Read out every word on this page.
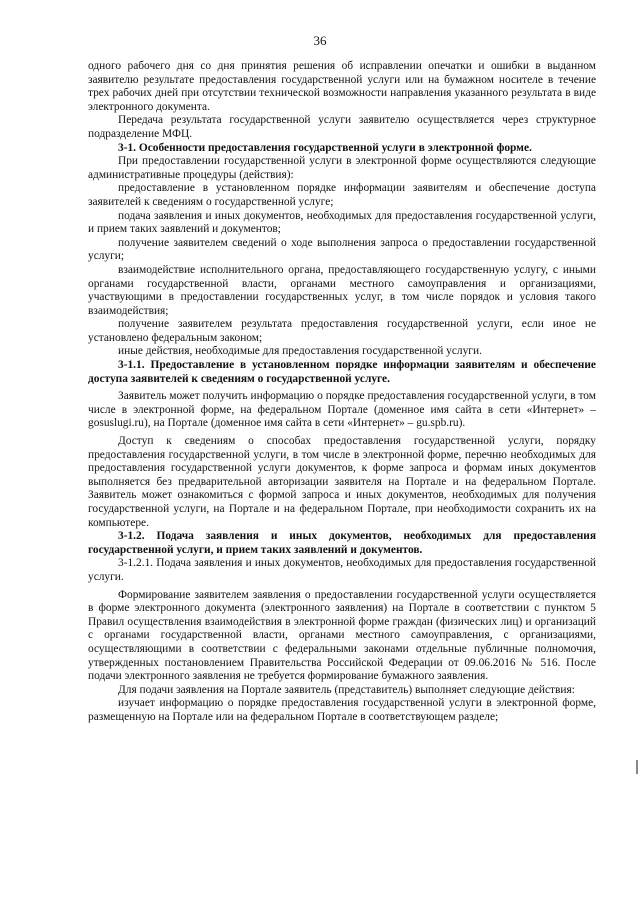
36

одного рабочего дня со дня принятия решения об исправлении опечатки и ошибки в выданном заявителю результате предоставления государственной услуги или на бумажном носителе в течение трех рабочих дней при отсутствии технической возможности направления указанного результата в виде электронного документа.

Передача результата государственной услуги заявителю осуществляется через структурное подразделение МФЦ.

3-1. Особенности предоставления государственной услуги в электронной форме.

При предоставлении государственной услуги в электронной форме осуществляются следующие административные процедуры (действия):

предоставление в установленном порядке информации заявителям и обеспечение доступа заявителей к сведениям о государственной услуге;

подача заявления и иных документов, необходимых для предоставления государственной услуги, и прием таких заявлений и документов;

получение заявителем сведений о ходе выполнения запроса о предоставлении государственной услуги;

взаимодействие исполнительного органа, предоставляющего государственную услугу, с иными органами государственной власти, органами местного самоуправления и организациями, участвующими в предоставлении государственных услуг, в том числе порядок и условия такого взаимодействия;

получение заявителем результата предоставления государственной услуги, если иное не установлено федеральным законом;

иные действия, необходимые для предоставления государственной услуги.

3-1.1. Предоставление в установленном порядке информации заявителям и обеспечение доступа заявителей к сведениям о государственной услуге.

Заявитель может получить информацию о порядке предоставления государственной услуги, в том числе в электронной форме, на федеральном Портале (доменное имя сайта в сети «Интернет» – gosuslugi.ru), на Портале (доменное имя сайта в сети «Интернет» – gu.spb.ru).

Доступ к сведениям о способах предоставления государственной услуги, порядку предоставления государственной услуги, в том числе в электронной форме, перечню необходимых для предоставления государственной услуги документов, к форме запроса и формам иных документов выполняется без предварительной авторизации заявителя на Портале и на федеральном Портале. Заявитель может ознакомиться с формой запроса и иных документов, необходимых для получения государственной услуги, на Портале и на федеральном Портале, при необходимости сохранить их на компьютере.

3-1.2. Подача заявления и иных документов, необходимых для предоставления государственной услуги, и прием таких заявлений и документов.

3-1.2.1. Подача заявления и иных документов, необходимых для предоставления государственной услуги.

Формирование заявителем заявления о предоставлении государственной услуги осуществляется в форме электронного документа (электронного заявления) на Портале в соответствии с пунктом 5 Правил осуществления взаимодействия в электронной форме граждан (физических лиц) и организаций с органами государственной власти, органами местного самоуправления, с организациями, осуществляющими в соответствии с федеральными законами отдельные публичные полномочия, утвержденных постановлением Правительства Российской Федерации от 09.06.2016 № 516. После подачи электронного заявления не требуется формирование бумажного заявления.

Для подачи заявления на Портале заявитель (представитель) выполняет следующие действия:

изучает информацию о порядке предоставления государственной услуги в электронной форме, размещенную на Портале или на федеральном Портале в соответствующем разделе;
